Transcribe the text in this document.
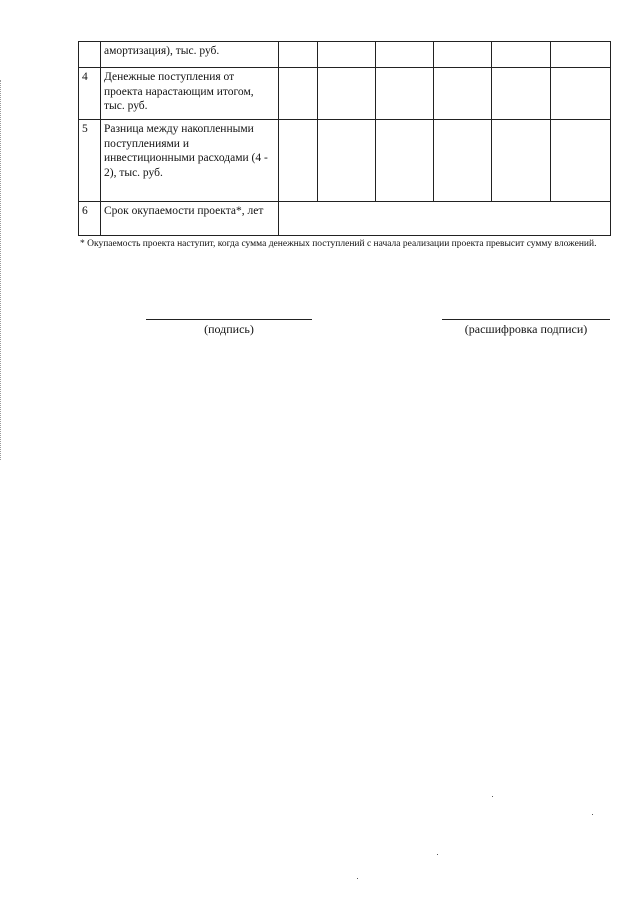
	амортизация), тыс. руб.						
4	Денежные поступления от проекта нарастающим итогом, тыс. руб.						
5	Разница между накопленными поступлениями и инвестиционными расходами (4 - 2), тыс. руб.						
6	Срок окупаемости проекта*, лет						
* Окупаемость проекта наступит, когда сумма денежных поступлений с начала реализации проекта превысит сумму вложений.
(подпись)	(расшифровка подписи)
